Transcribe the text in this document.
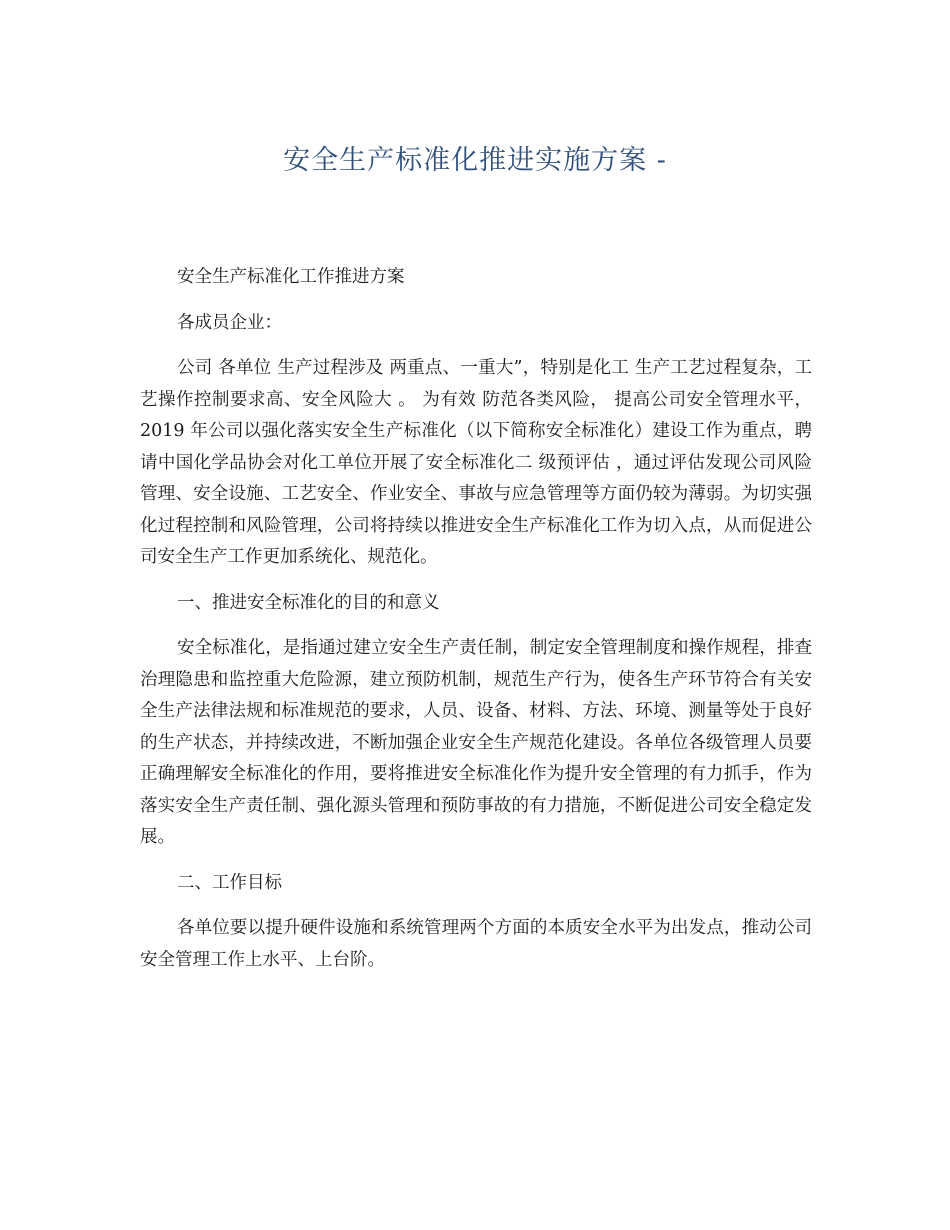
安全生产标准化推进实施方案 -

安全生产标准化工作推进方案

各成员企业：

公司 各单位 生产过程涉及 两重点、一重大”，特别是化工 生产工艺过程复杂，工艺操作控制要求高、安全风险大 。 为有效 防范各类风险， 提高公司安全管理水平， 2019 年公司以强化落实安全生产标准化（以下简称安全标准化）建设工作为重点，聘请中国化学品协会对化工单位开展了安全标准化二 级预评估 ，通过评估发现公司风险管理、安全设施、工艺安全、作业安全、事故与应急管理等方面仍较为薄弱。为切实强化过程控制和风险管理，公司将持续以推进安全生产标准化工作为切入点，从而促进公司安全生产工作更加系统化、规范化。

一、推进安全标准化的目的和意义

安全标准化，是指通过建立安全生产责任制，制定安全管理制度和操作规程，排查治理隐患和监控重大危险源，建立预防机制，规范生产行为，使各生产环节符合有关安全生产法律法规和标准规范的要求，人员、设备、材料、方法、环境、测量等处于良好的生产状态，并持续改进，不断加强企业安全生产规范化建设。各单位各级管理人员要正确理解安全标准化的作用，要将推进安全标准化作为提升安全管理的有力抓手，作为落实安全生产责任制、强化源头管理和预防事故的有力措施，不断促进公司安全稳定发展。

二、工作目标

各单位要以提升硬件设施和系统管理两个方面的本质安全水平为出发点，推动公司安全管理工作上水平、上台阶。
